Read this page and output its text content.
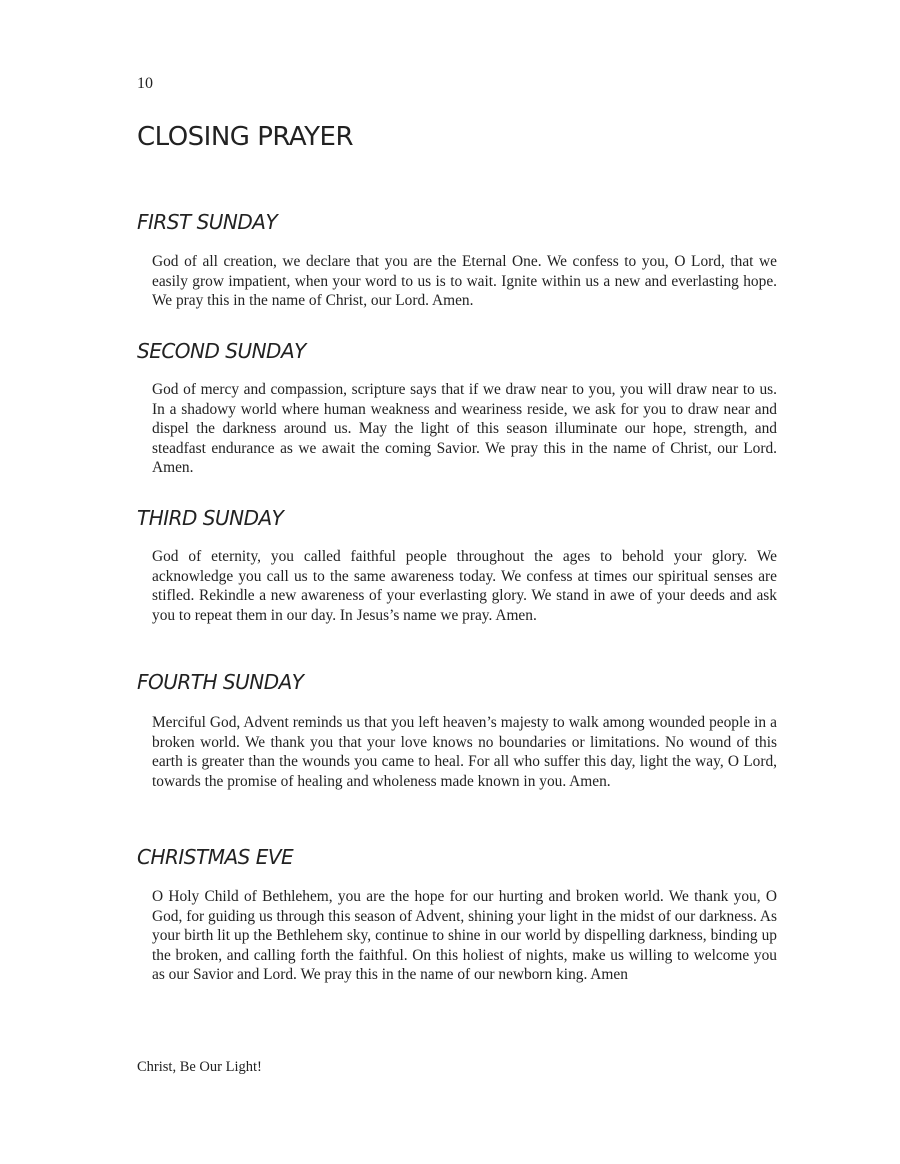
10
CLOSING PRAYER
FIRST SUNDAY

God of all creation, we declare that you are the Eternal One. We confess to you, O Lord, that we easily grow impatient, when your word to us is to wait. Ignite within us a new and everlasting hope. We pray this in the name of Christ, our Lord. Amen.

SECOND SUNDAY

God of mercy and compassion, scripture says that if we draw near to you, you will draw near to us. In a shadowy world where human weakness and weariness reside, we ask for you to draw near and dispel the darkness around us. May the light of this season illuminate our hope, strength, and steadfast endurance as we await the coming Savior. We pray this in the name of Christ, our Lord. Amen.

THIRD SUNDAY

God of eternity, you called faithful people throughout the ages to behold your glory. We acknowledge you call us to the same awareness today. We confess at times our spiritual senses are stifled. Rekindle a new awareness of your everlasting glory. We stand in awe of your deeds and ask you to repeat them in our day. In Jesus’s name we pray. Amen.

FOURTH SUNDAY

Merciful God, Advent reminds us that you left heaven’s majesty to walk among wounded people in a broken world. We thank you that your love knows no boundaries or limitations. No wound of this earth is greater than the wounds you came to heal. For all who suffer this day, light the way, O Lord, towards the promise of healing and wholeness made known in you. Amen.

CHRISTMAS EVE

O Holy Child of Bethlehem, you are the hope for our hurting and broken world. We thank you, O God, for guiding us through this season of Advent, shining your light in the midst of our darkness. As your birth lit up the Bethlehem sky, continue to shine in our world by dispelling darkness, binding up the broken, and calling forth the faithful. On this holiest of nights, make us willing to welcome you as our Savior and Lord. We pray this in the name of our newborn king. Amen

Christ, Be Our Light!
